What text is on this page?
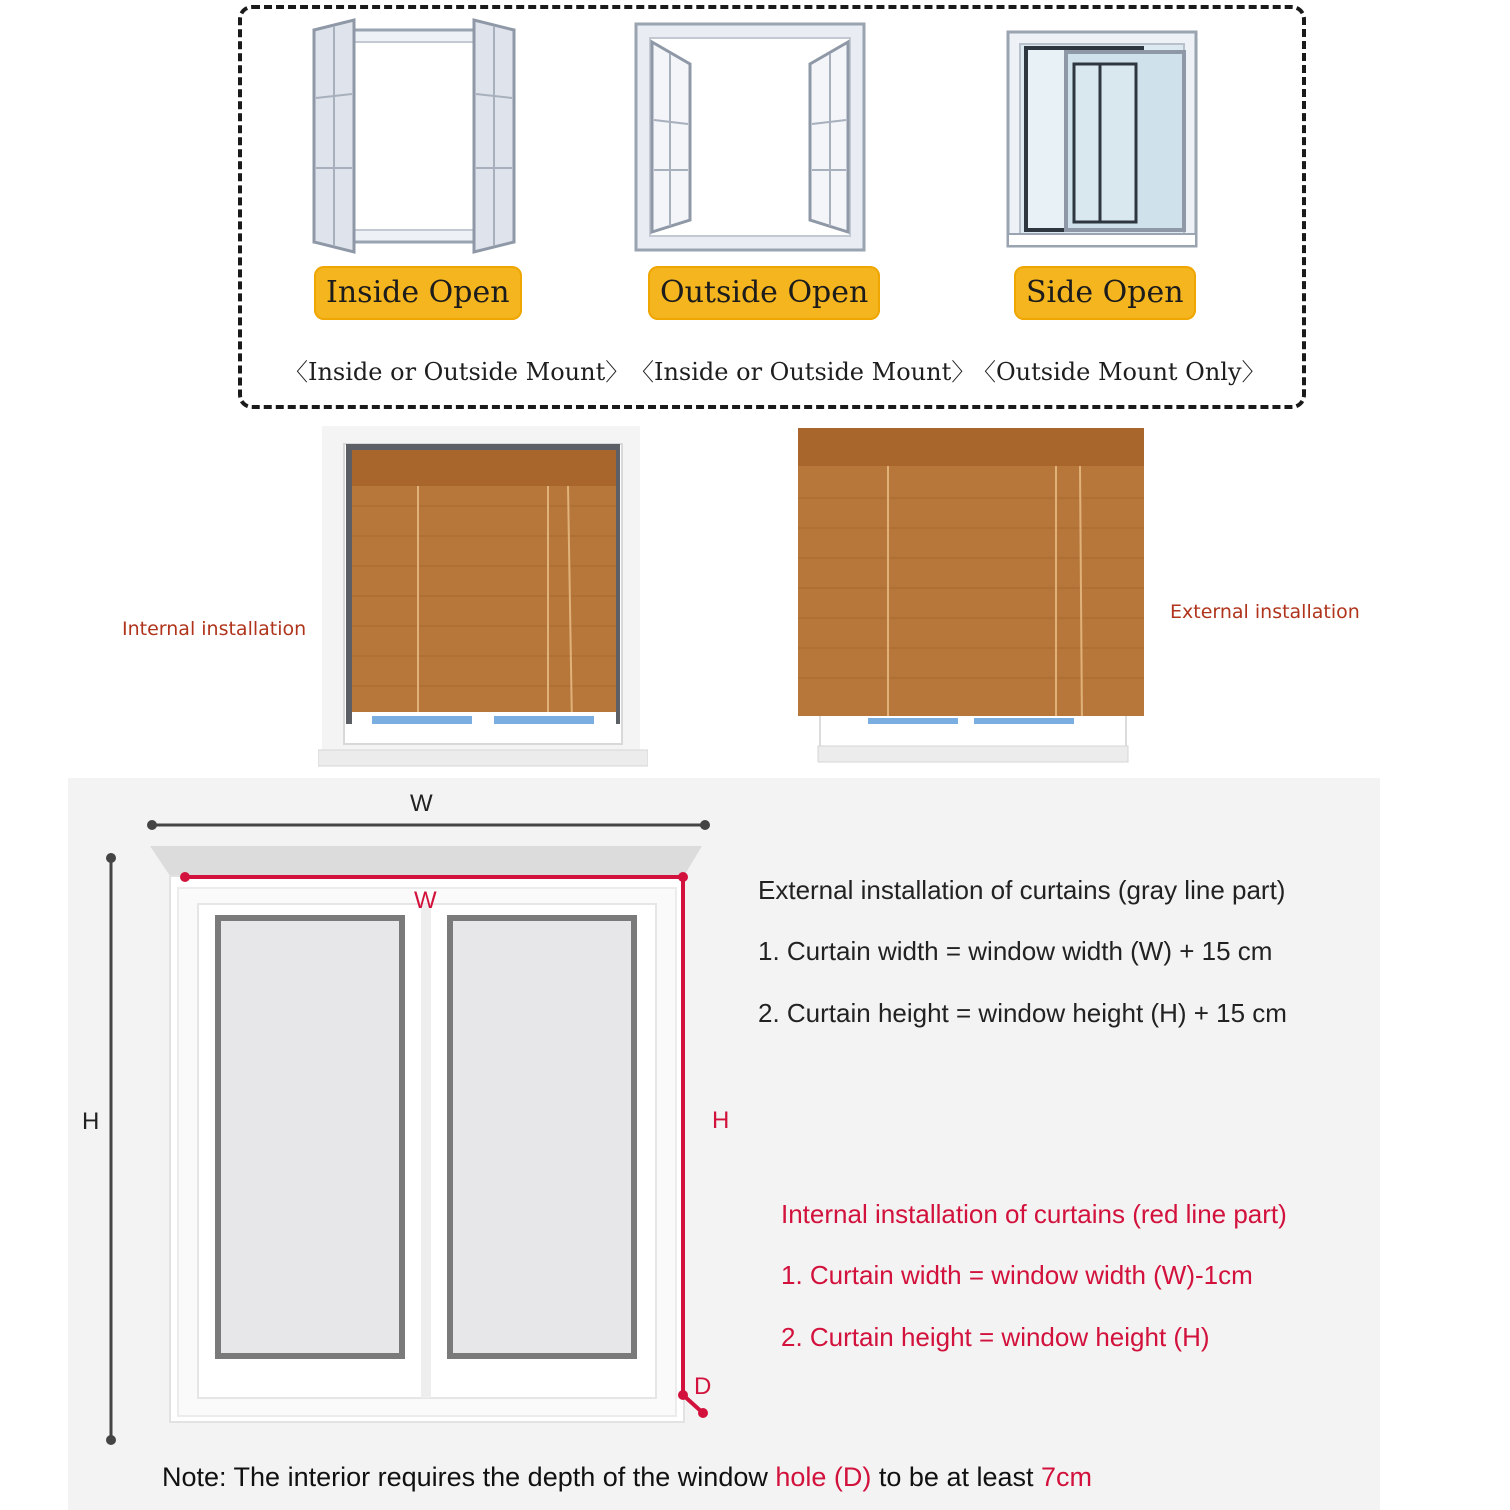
Inside Open
〈Inside or Outside Mount〉
Outside Open
〈Inside or Outside Mount〉
Side Open
〈Outside Mount Only〉
Internal installation
External installation
W
H
W
H
D
External installation of curtains (gray line part)
1. Curtain width = window width (W) + 15 cm
2. Curtain height = window height (H) + 15 cm
Internal installation of curtains (red line part)
1. Curtain width = window width (W)-1cm
2. Curtain height = window height (H)
Note: The interior requires the depth of the window hole (D) to be at least 7cm
